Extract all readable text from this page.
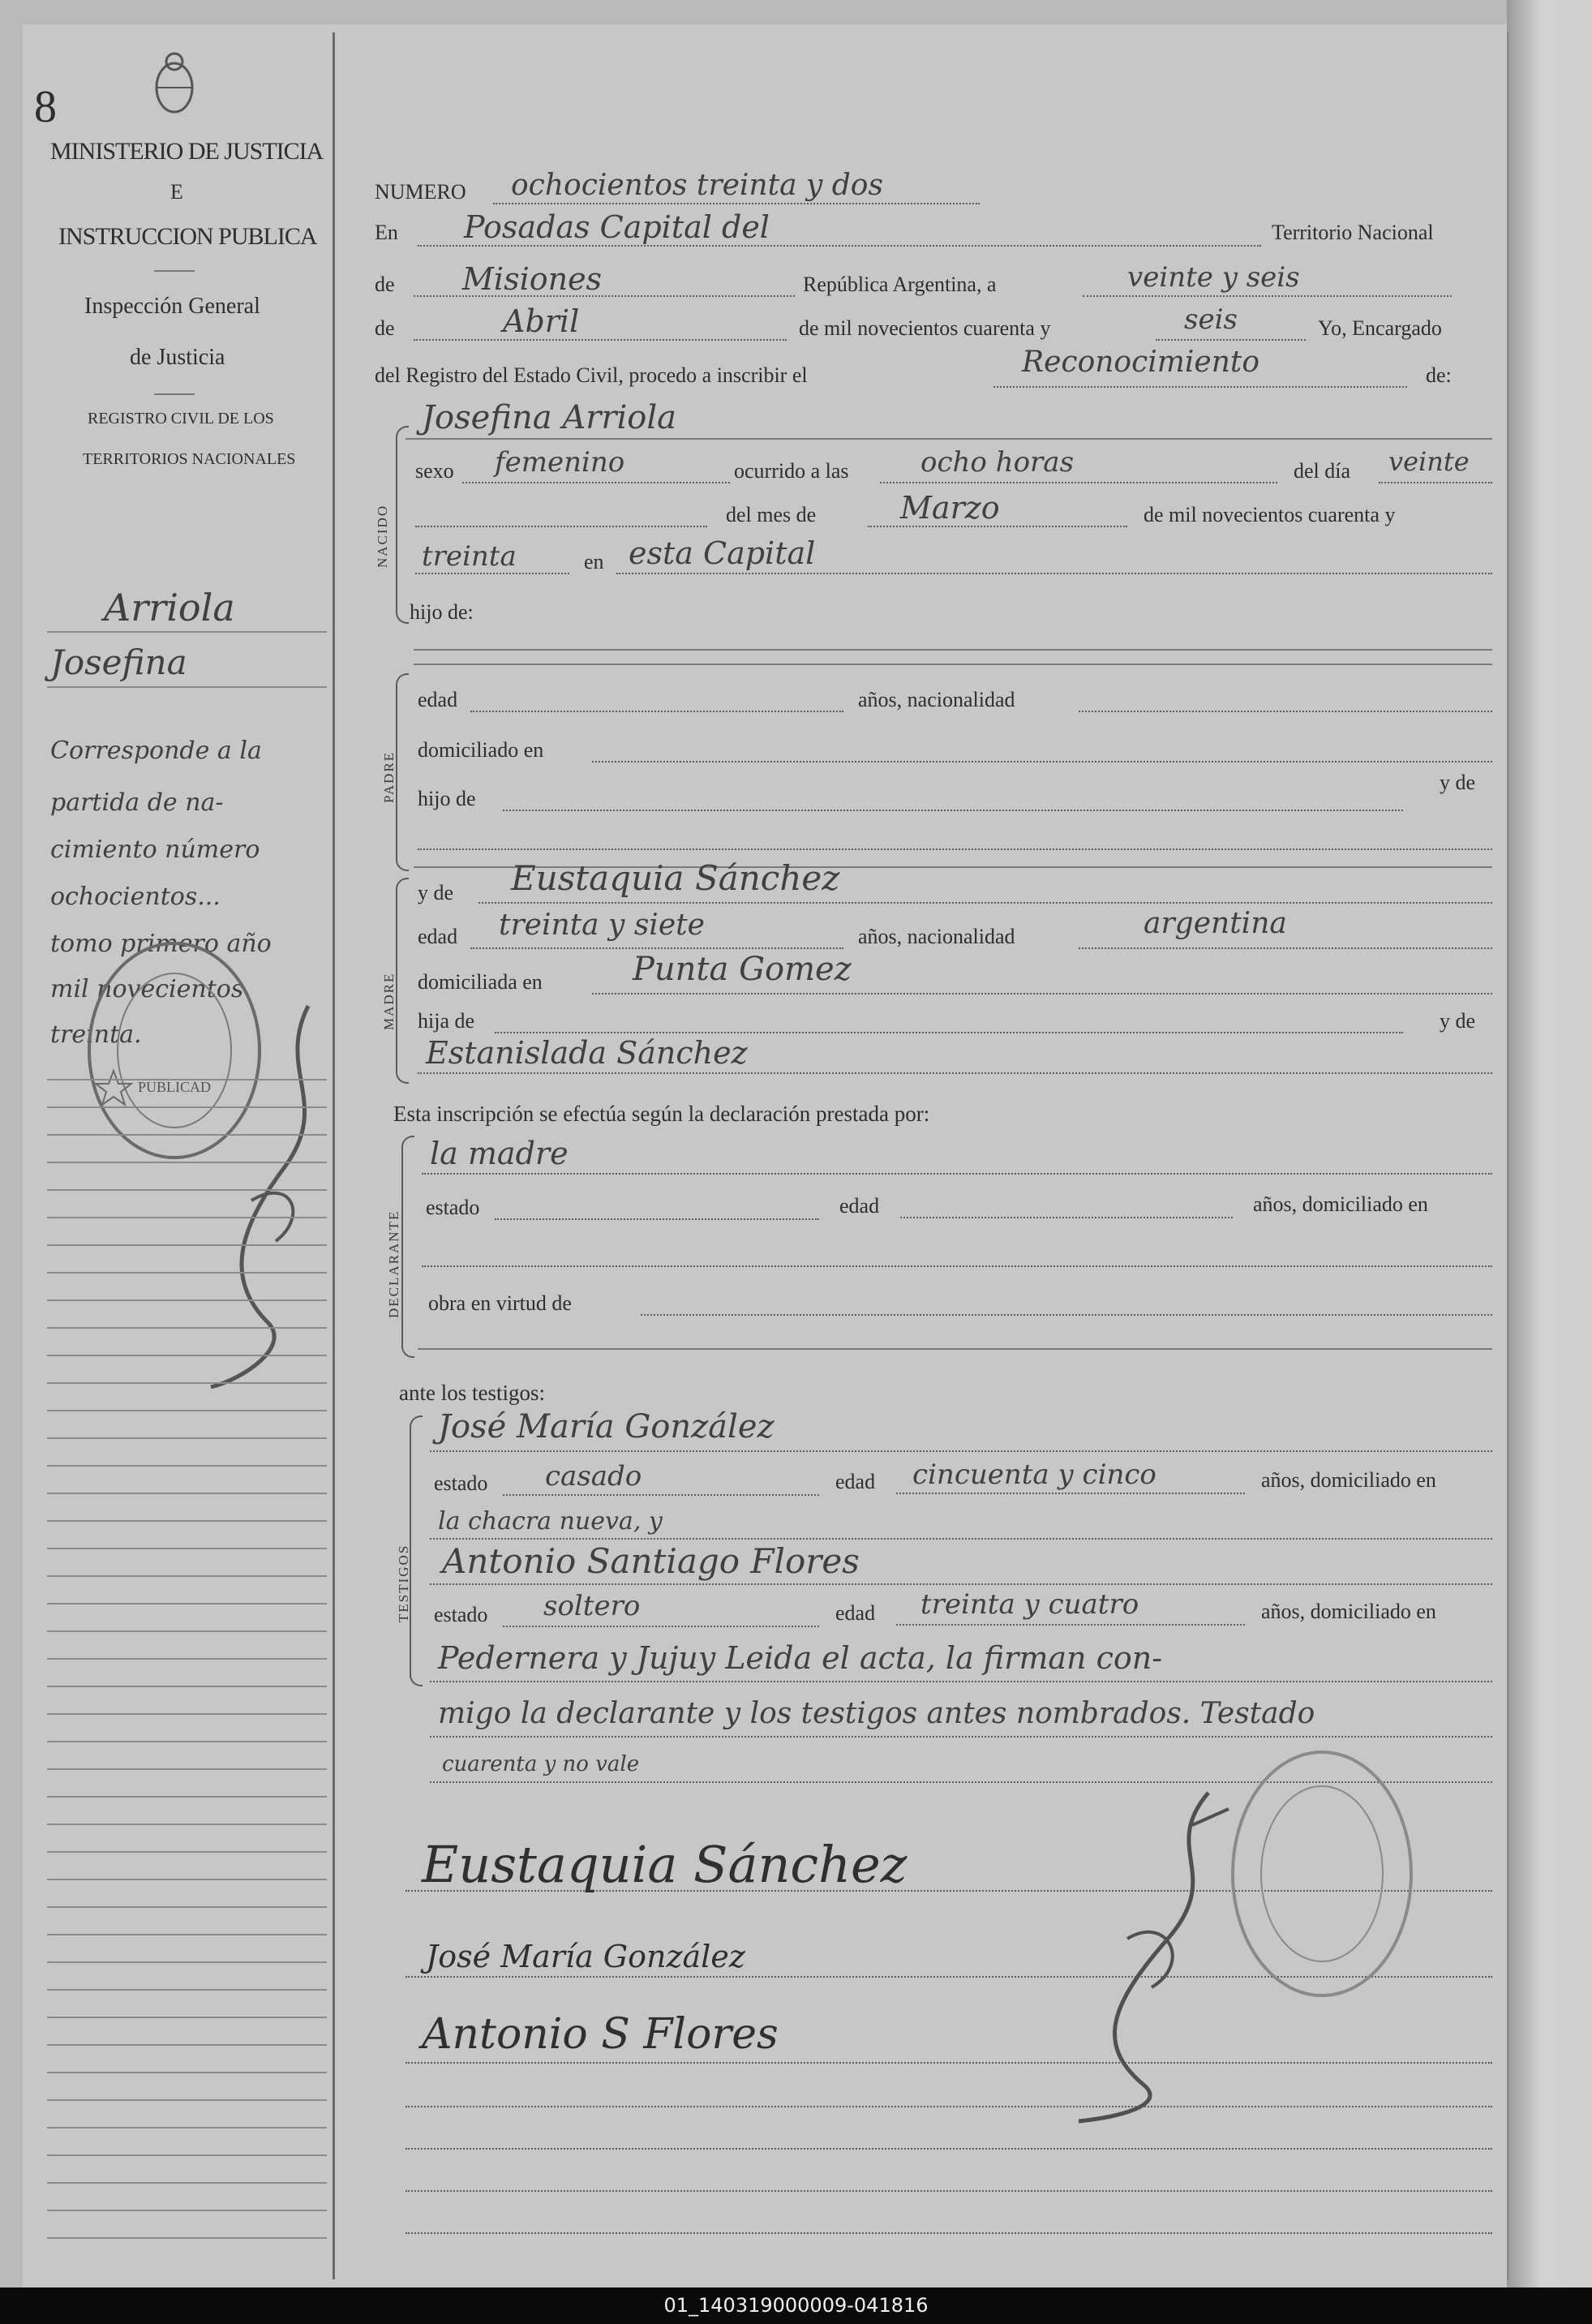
8
MINISTERIO DE JUSTICIA
E
INSTRUCCION PUBLICA
Inspección General
de Justicia
REGISTRO CIVIL DE LOS
TERRITORIOS NACIONALES
Arriola
Josefina
Corresponde a la
partida de na-
cimiento número
ochocientos...
tomo primero año
mil novecientos
treinta.
PUBLICAD
NUMERO ochocientos treinta y dos
En Posadas Capital del	Territorio Nacional
de Misiones	República Argentina, a	veinte y seis
de	Abril	de mil novecientos cuarenta y	seis	Yo, Encargado
del Registro del Estado Civil, procedo a inscribir el	Reconocimiento	de:
Josefina Arriola
NACIDO
sexo femenino	ocurrido a las	ocho horas	del día veinte
del mes de	Marzo	de mil novecientos cuarenta y
treinta	en esta Capital
hijo de:
PADRE
edad	años, nacionalidad
domiciliado en
hijo de
y de
MADRE
y de Eustaquia Sánchez
edad treinta y siete	años, nacionalidad	argentina
domiciliada en	Punta Gomez
hija de	y de
Estanislada Sánchez
Esta inscripción se efectúa según la declaración prestada por:
DECLARANTE
la madre
estado	edad	años, domiciliado en
obra en virtud de
ante los testigos:
TESTIGOS
José María González
estado casado	edad cincuenta y cinco	años, domiciliado en
la chacra nueva, y
Antonio Santiago Flores
estado soltero	edad treinta y cuatro	años, domiciliado en
Pedernera y Jujuy Leida el acta, la firman con-
migo la declarante y los testigos antes nombrados. Testado
cuarenta y no vale
Eustaquia Sánchez
José María González
Antonio S Flores
01_140319000009-041816
